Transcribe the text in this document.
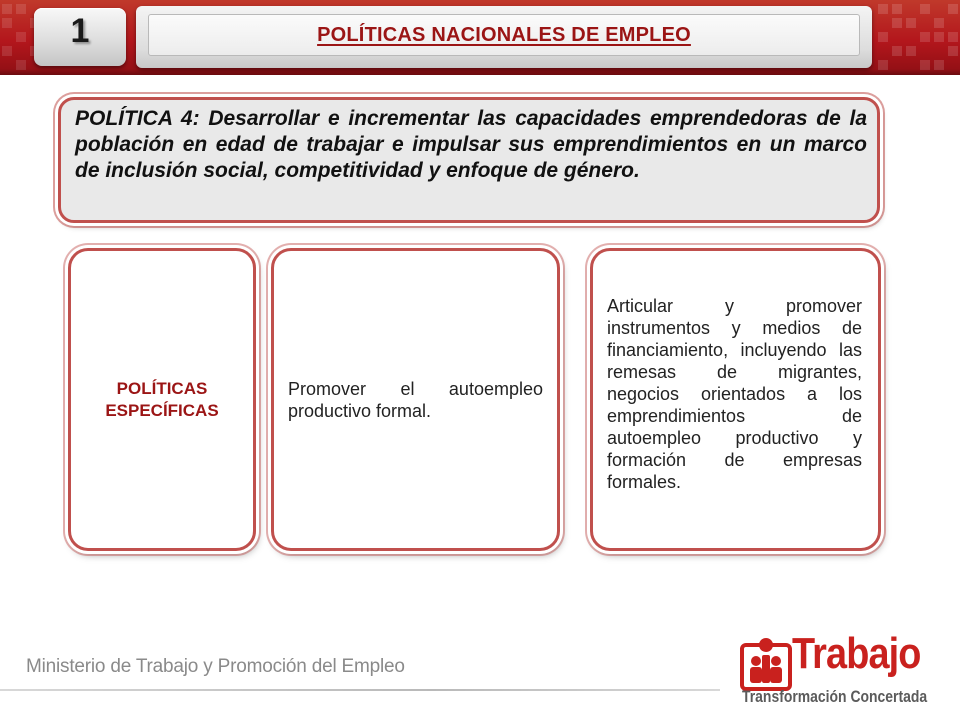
1	POLÍTICAS NACIONALES DE EMPLEO

POLÍTICA 4: Desarrollar e incrementar las capacidades emprendedoras de la población en edad de trabajar e impulsar sus emprendimientos en un marco de inclusión social, competitividad y enfoque de género.

POLÍTICAS
ESPECÍFICAS

Promover el autoempleo productivo formal.

Articular y promover instrumentos y medios de financiamiento, incluyendo las remesas de migrantes, negocios orientados a los emprendimientos de autoempleo productivo y formación de empresas formales.

Ministerio de Trabajo y Promoción del Empleo	Trabajo
Transformación Concertada
